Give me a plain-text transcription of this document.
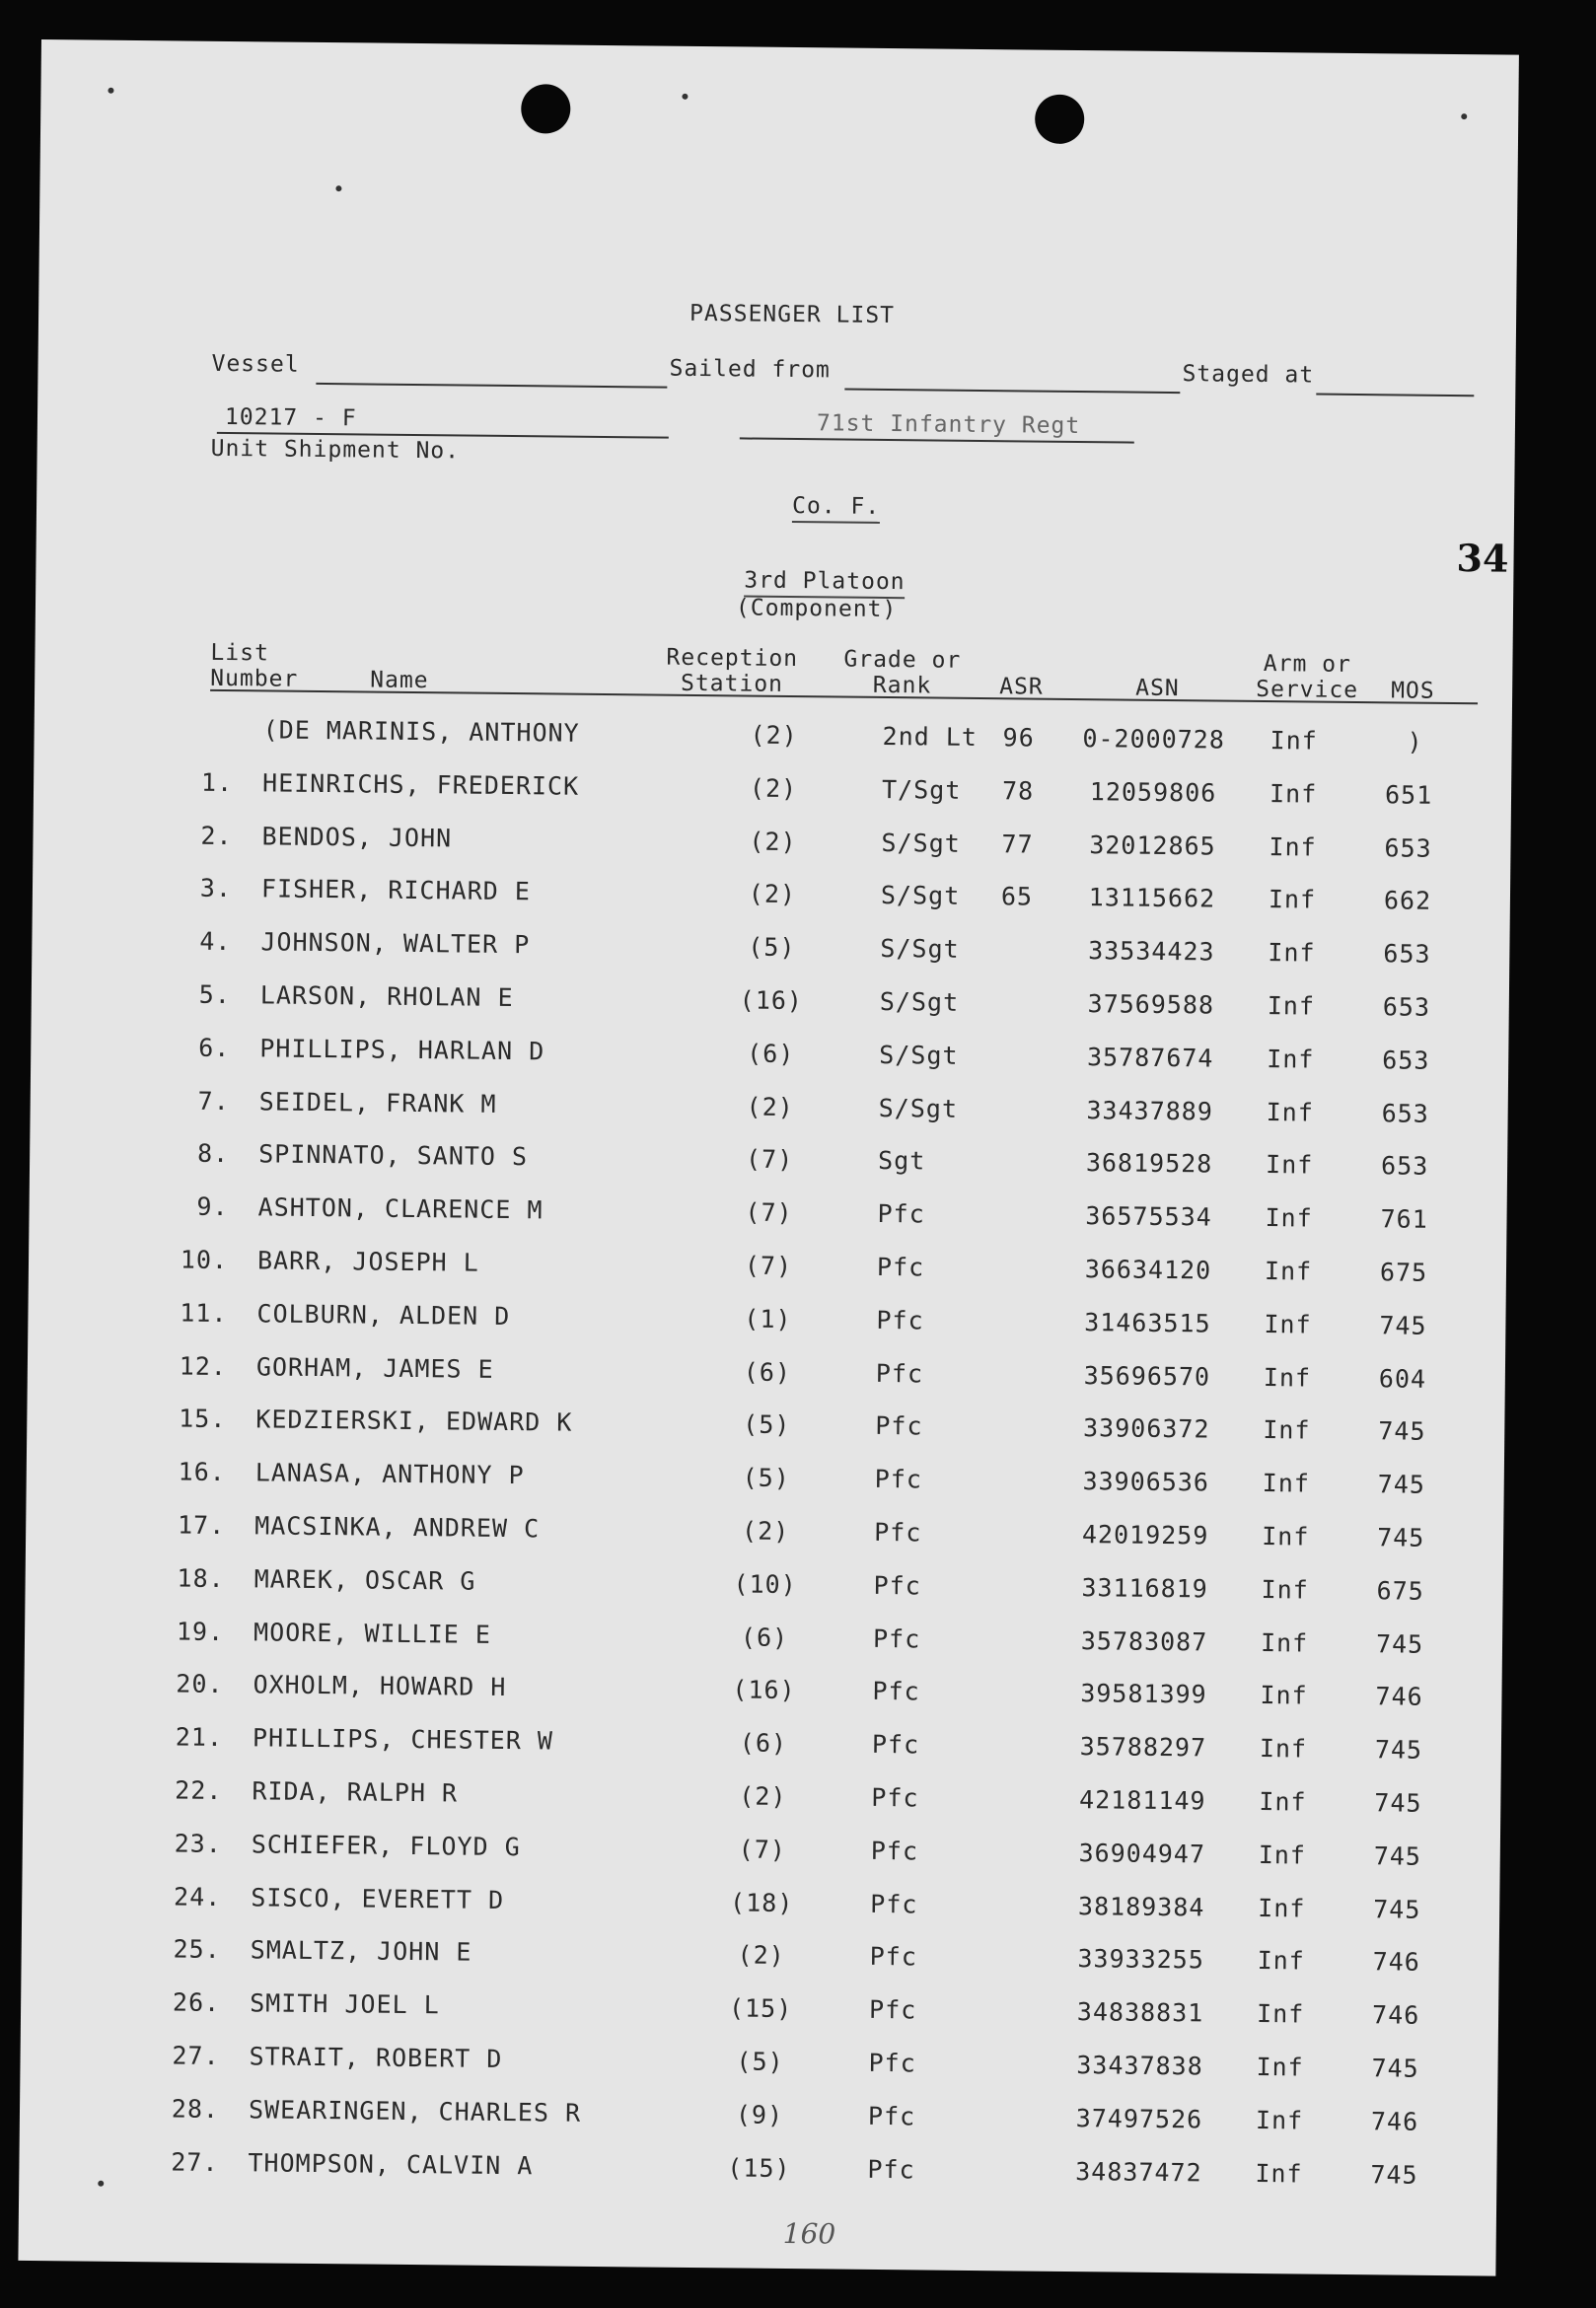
PASSENGER LIST
Vessel	Sailed from	Staged at
10217 - F
Unit Shipment No.
71st Infantry Regt
Co. F.
34
3rd Platoon
(Component)
List
Number	Name
Reception
Station
Grade or
Rank	ASR	ASN
Arm or
Service MOS
(DE MARINIS, ANTHONY	(2)	2nd Lt 96 0-2000728 Inf	)
1. HEINRICHS, FREDERICK	(2)	T/Sgt 78	12059806	Inf	651
2. BENDOS, JOHN	(2)	S/Sgt 77	32012865	Inf	653
3. FISHER, RICHARD E	(2)	S/Sgt 65	13115662	Inf	662
4. JOHNSON, WALTER P	(5)	S/Sgt	33534423	Inf	653
5. LARSON, RHOLAN E	(16)	S/Sgt	37569588	Inf	653
6. PHILLIPS, HARLAN D	(6)	S/Sgt	35787674	Inf	653
7. SEIDEL, FRANK M	(2)	S/Sgt	33437889	Inf	653
8. SPINNATO, SANTO S	(7)	Sgt	36819528	Inf	653
9. ASHTON, CLARENCE M	(7)	Pfc	36575534	Inf	761
10. BARR, JOSEPH L	(7)	Pfc	36634120	Inf	675
11. COLBURN, ALDEN D	(1)	Pfc	31463515	Inf	745
12. GORHAM, JAMES E	(6)	Pfc	35696570	Inf	604
15. KEDZIERSKI, EDWARD K	(5)	Pfc	33906372	Inf	745
16. LANASA, ANTHONY P	(5)	Pfc	33906536	Inf	745
17. MACSINKA, ANDREW C	(2)	Pfc	42019259	Inf	745
18. MAREK, OSCAR G	(10)	Pfc	33116819	Inf	675
19. MOORE, WILLIE E	(6)	Pfc	35783087	Inf	745
20. OXHOLM, HOWARD H	(16)	Pfc	39581399	Inf	746
21. PHILLIPS, CHESTER W	(6)	Pfc	35788297	Inf	745
22. RIDA, RALPH R	(2)	Pfc	42181149	Inf	745
23. SCHIEFER, FLOYD G	(7)	Pfc	36904947	Inf	745
24. SISCO, EVERETT D	(18)	Pfc	38189384	Inf	745
25. SMALTZ, JOHN E	(2)	Pfc	33933255	Inf	746
26. SMITH JOEL L	(15)	Pfc	34838831	Inf	746
27. STRAIT, ROBERT D	(5)	Pfc	33437838	Inf	745
28. SWEARINGEN, CHARLES R	(9)	Pfc	37497526	Inf	746
27. THOMPSON, CALVIN A	(15)	Pfc	34837472	Inf	745
160
